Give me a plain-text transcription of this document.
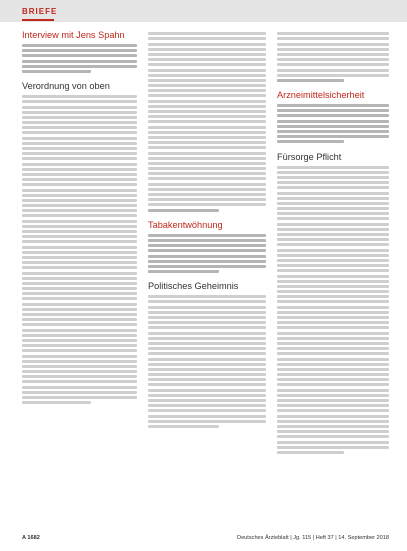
BRIEFE
Interview mit Jens Spahn
Verordnung von oben
Tabakentwöhnung
Politisches Geheimnis
Arzneimittelsicherheit
Fürsorge Pflicht
A 1682	Deutsches Ärzteblatt | Jg. 115 | Heft 37 | 14. September 2018
